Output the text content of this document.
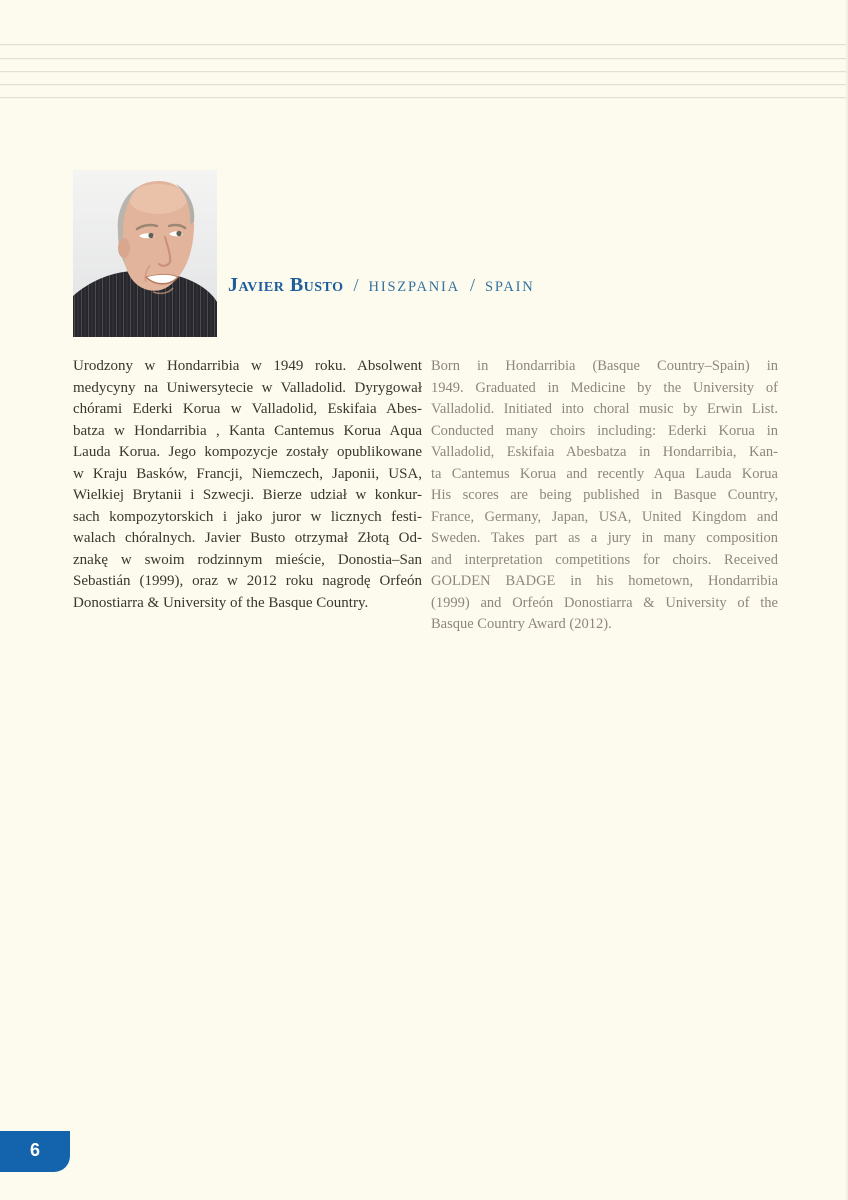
Javier Busto / HISZPANIA / SPAIN
Urodzony w Hondarribia w 1949 roku. Absolwent
medycyny na Uniwersytecie w Valladolid. Dyrygował
chórami Ederki Korua w Valladolid, Eskifaia Abes-
batza w Hondarribia , Kanta Cantemus Korua Aqua
Lauda Korua. Jego kompozycje zostały opublikowane
w Kraju Basków, Francji, Niemczech, Japonii, USA,
Wielkiej Brytanii i Szwecji. Bierze udział w konkur-
sach kompozytorskich i jako juror w licznych festi-
walach chóralnych. Javier Busto otrzymał Złotą Od-
znakę w swoim rodzinnym mieście, Donostia–San
Sebastián (1999), oraz w 2012 roku nagrodę Orfeón
Donostiarra & University of the Basque Country.
Born in Hondarribia (Basque Country–Spain) in
1949. Graduated in Medicine by the University of
Valladolid. Initiated into choral music by Erwin List.
Conducted many choirs including: Ederki Korua in
Valladolid, Eskifaia Abesbatza in Hondarribia, Kan-
ta Cantemus Korua and recently Aqua Lauda Korua
His scores are being published in Basque Country,
France, Germany, Japan, USA, United Kingdom and
Sweden. Takes part as a jury in many composition
and interpretation competitions for choirs. Received
GOLDEN BADGE in his hometown, Hondarribia
(1999) and Orfeón Donostiarra & University of the
Basque Country Award (2012).
6
